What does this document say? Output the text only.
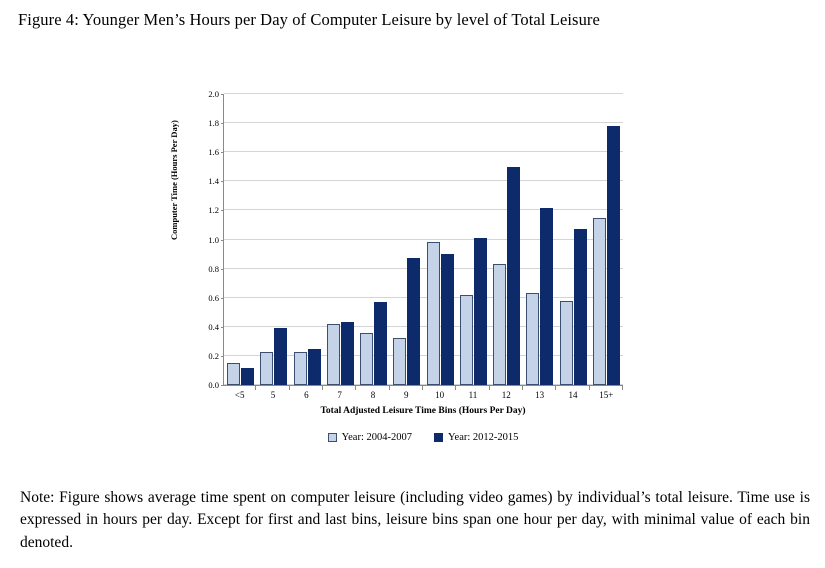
Figure 4: Younger Men’s Hours per Day of Computer Leisure by level of Total Leisure
Computer Time (Hours Per Day)
0.0
0.2
0.4
0.6
0.8
1.0
1.2
1.4
1.6
1.8
2.0
<5	5	6	7	8	9	10	11	12	13	14	15+
Total Adjusted Leisure Time Bins (Hours Per Day)
Year: 2004-2007	Year: 2012-2015
Note: Figure shows average time spent on computer leisure (including video games) by individual’s total leisure. Time use is expressed in hours per day. Except for first and last bins, leisure bins span one hour per day, with minimal value of each bin denoted.
